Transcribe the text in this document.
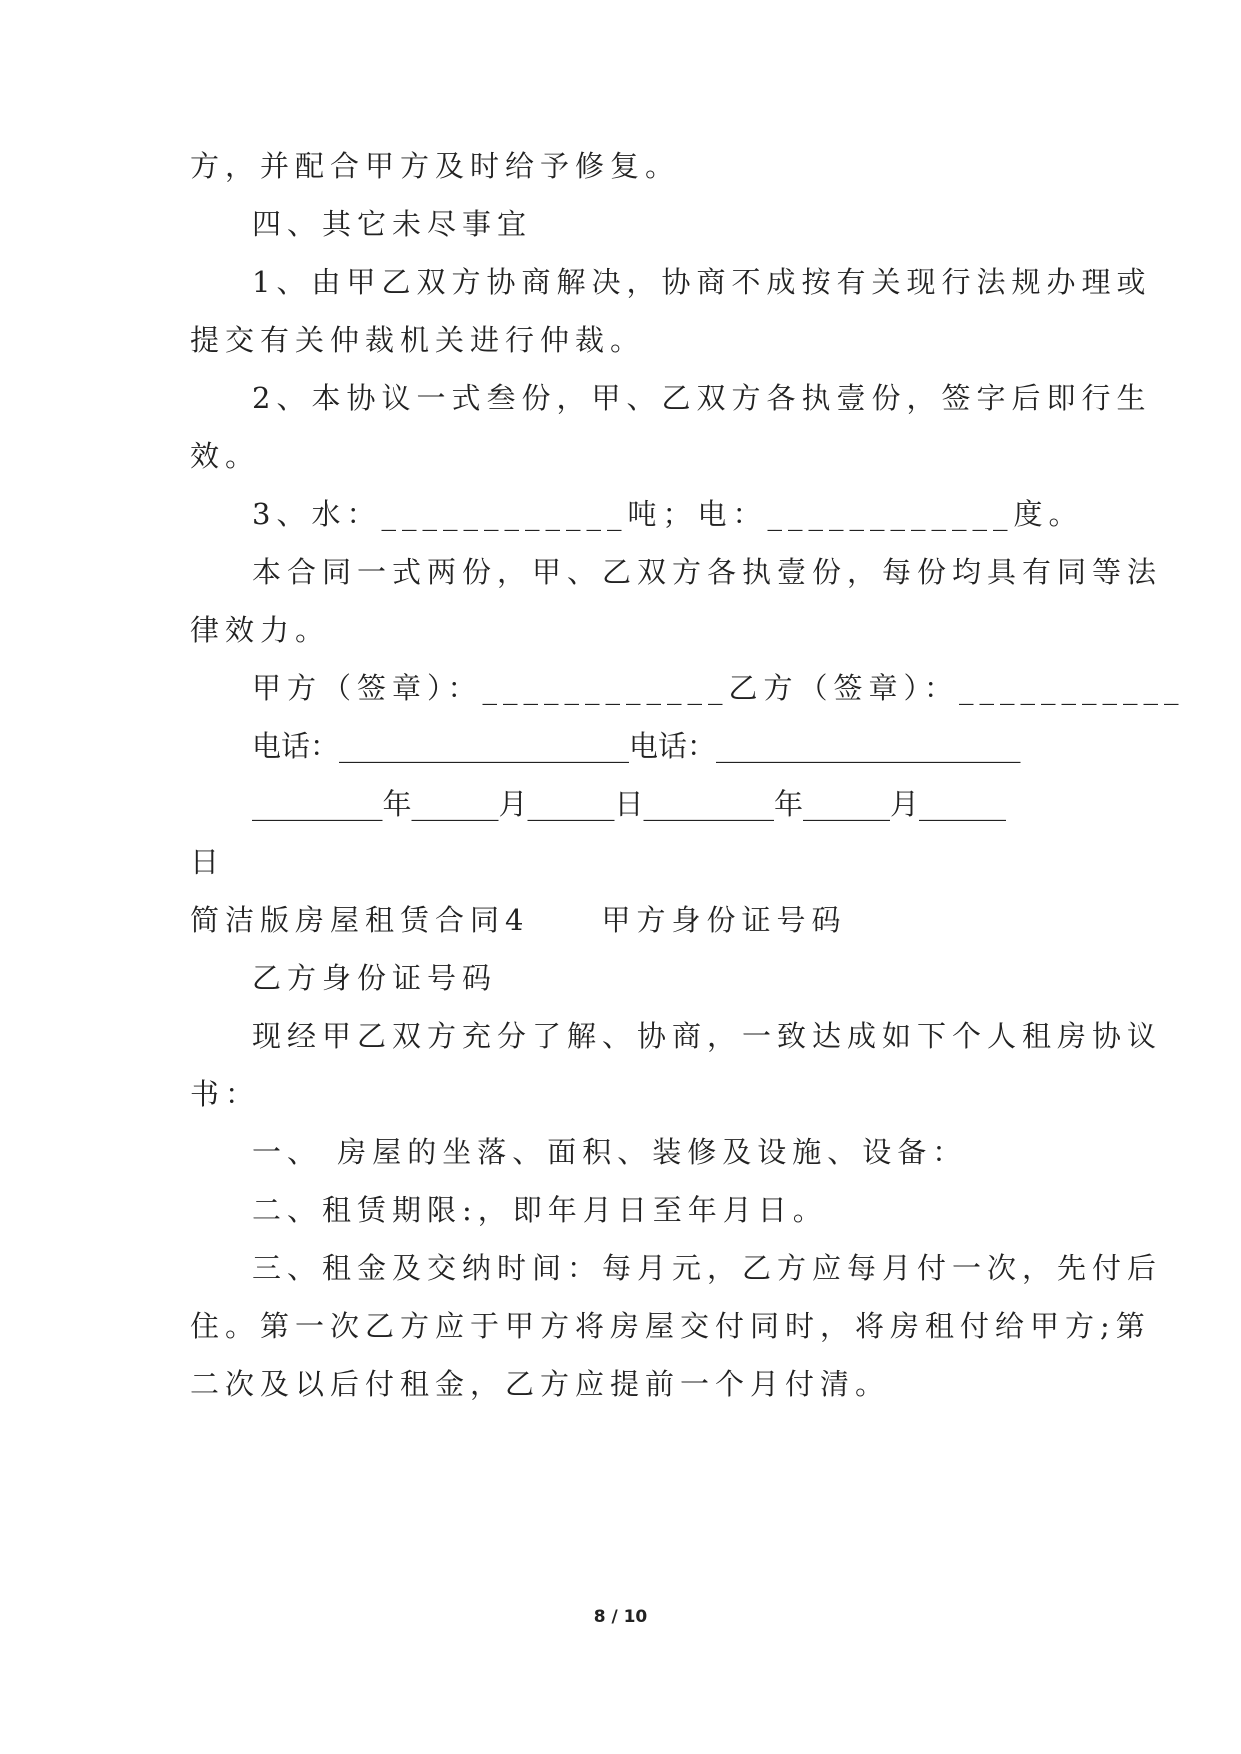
方，并配合甲方及时给予修复。
四、其它未尽事宜
1、由甲乙双方协商解决，协商不成按有关现行法规办理或
提交有关仲裁机关进行仲裁。
2、本协议一式叁份，甲、乙双方各执壹份，签字后即行生
效。
3、水：____________吨；电：____________度。
本合同一式两份，甲、乙双方各执壹份，每份均具有同等法
律效力。
甲方（签章）：____________乙方（签章）：___________
电话：____________________电话：_____________________
_________年______月______日_________年______月______
日
简洁版房屋租赁合同4 甲方身份证号码
乙方身份证号码
现经甲乙双方充分了解、协商，一致达成如下个人租房协议
书：
一、 房屋的坐落、面积、装修及设施、设备：
二、租赁期限:，即年月日至年月日。
三、租金及交纳时间：每月元，乙方应每月付一次，先付后
住。第一次乙方应于甲方将房屋交付同时，将房租付给甲方;第
二次及以后付租金，乙方应提前一个月付清。
8 / 10
